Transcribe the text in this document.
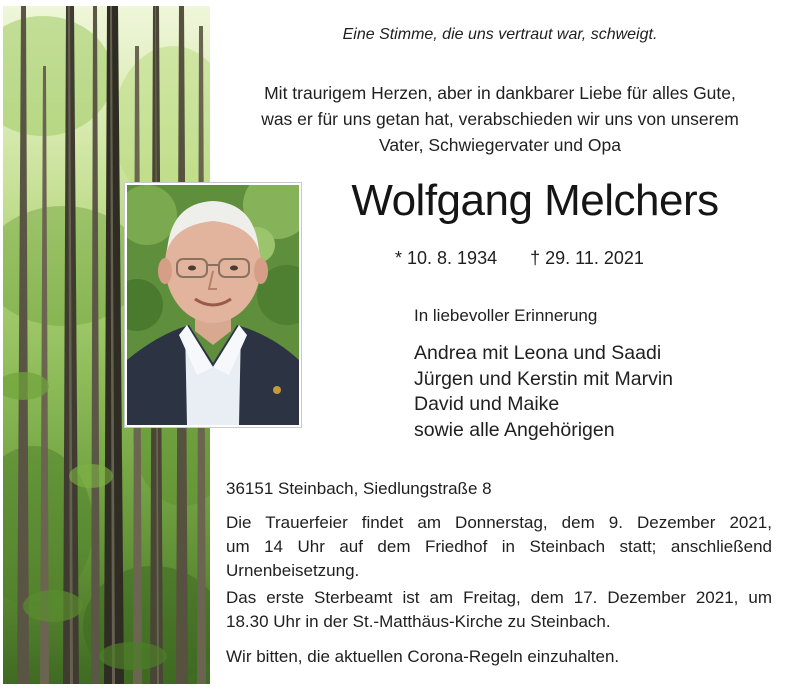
Eine Stimme, die uns vertraut war, schweigt.
Mit traurigem Herzen, aber in dankbarer Liebe für alles Gute,
was er für uns getan hat, verabschieden wir uns von unserem
Vater, Schwiegervater und Opa
Wolfgang Melchers
* 10. 8. 1934 † 29. 11. 2021
In liebevoller Erinnerung
Andrea mit Leona und Saadi
Jürgen und Kerstin mit Marvin
David und Maike
sowie alle Angehörigen
36151 Steinbach, Siedlungstraße 8
Die Trauerfeier findet am Donnerstag, dem 9. Dezember 2021,
um 14 Uhr auf dem Friedhof in Steinbach statt; anschließend
Urnenbeisetzung.
Das erste Sterbeamt ist am Freitag, dem 17. Dezember 2021, um
18.30 Uhr in der St.-Matthäus-Kirche zu Steinbach.
Wir bitten, die aktuellen Corona-Regeln einzuhalten.
